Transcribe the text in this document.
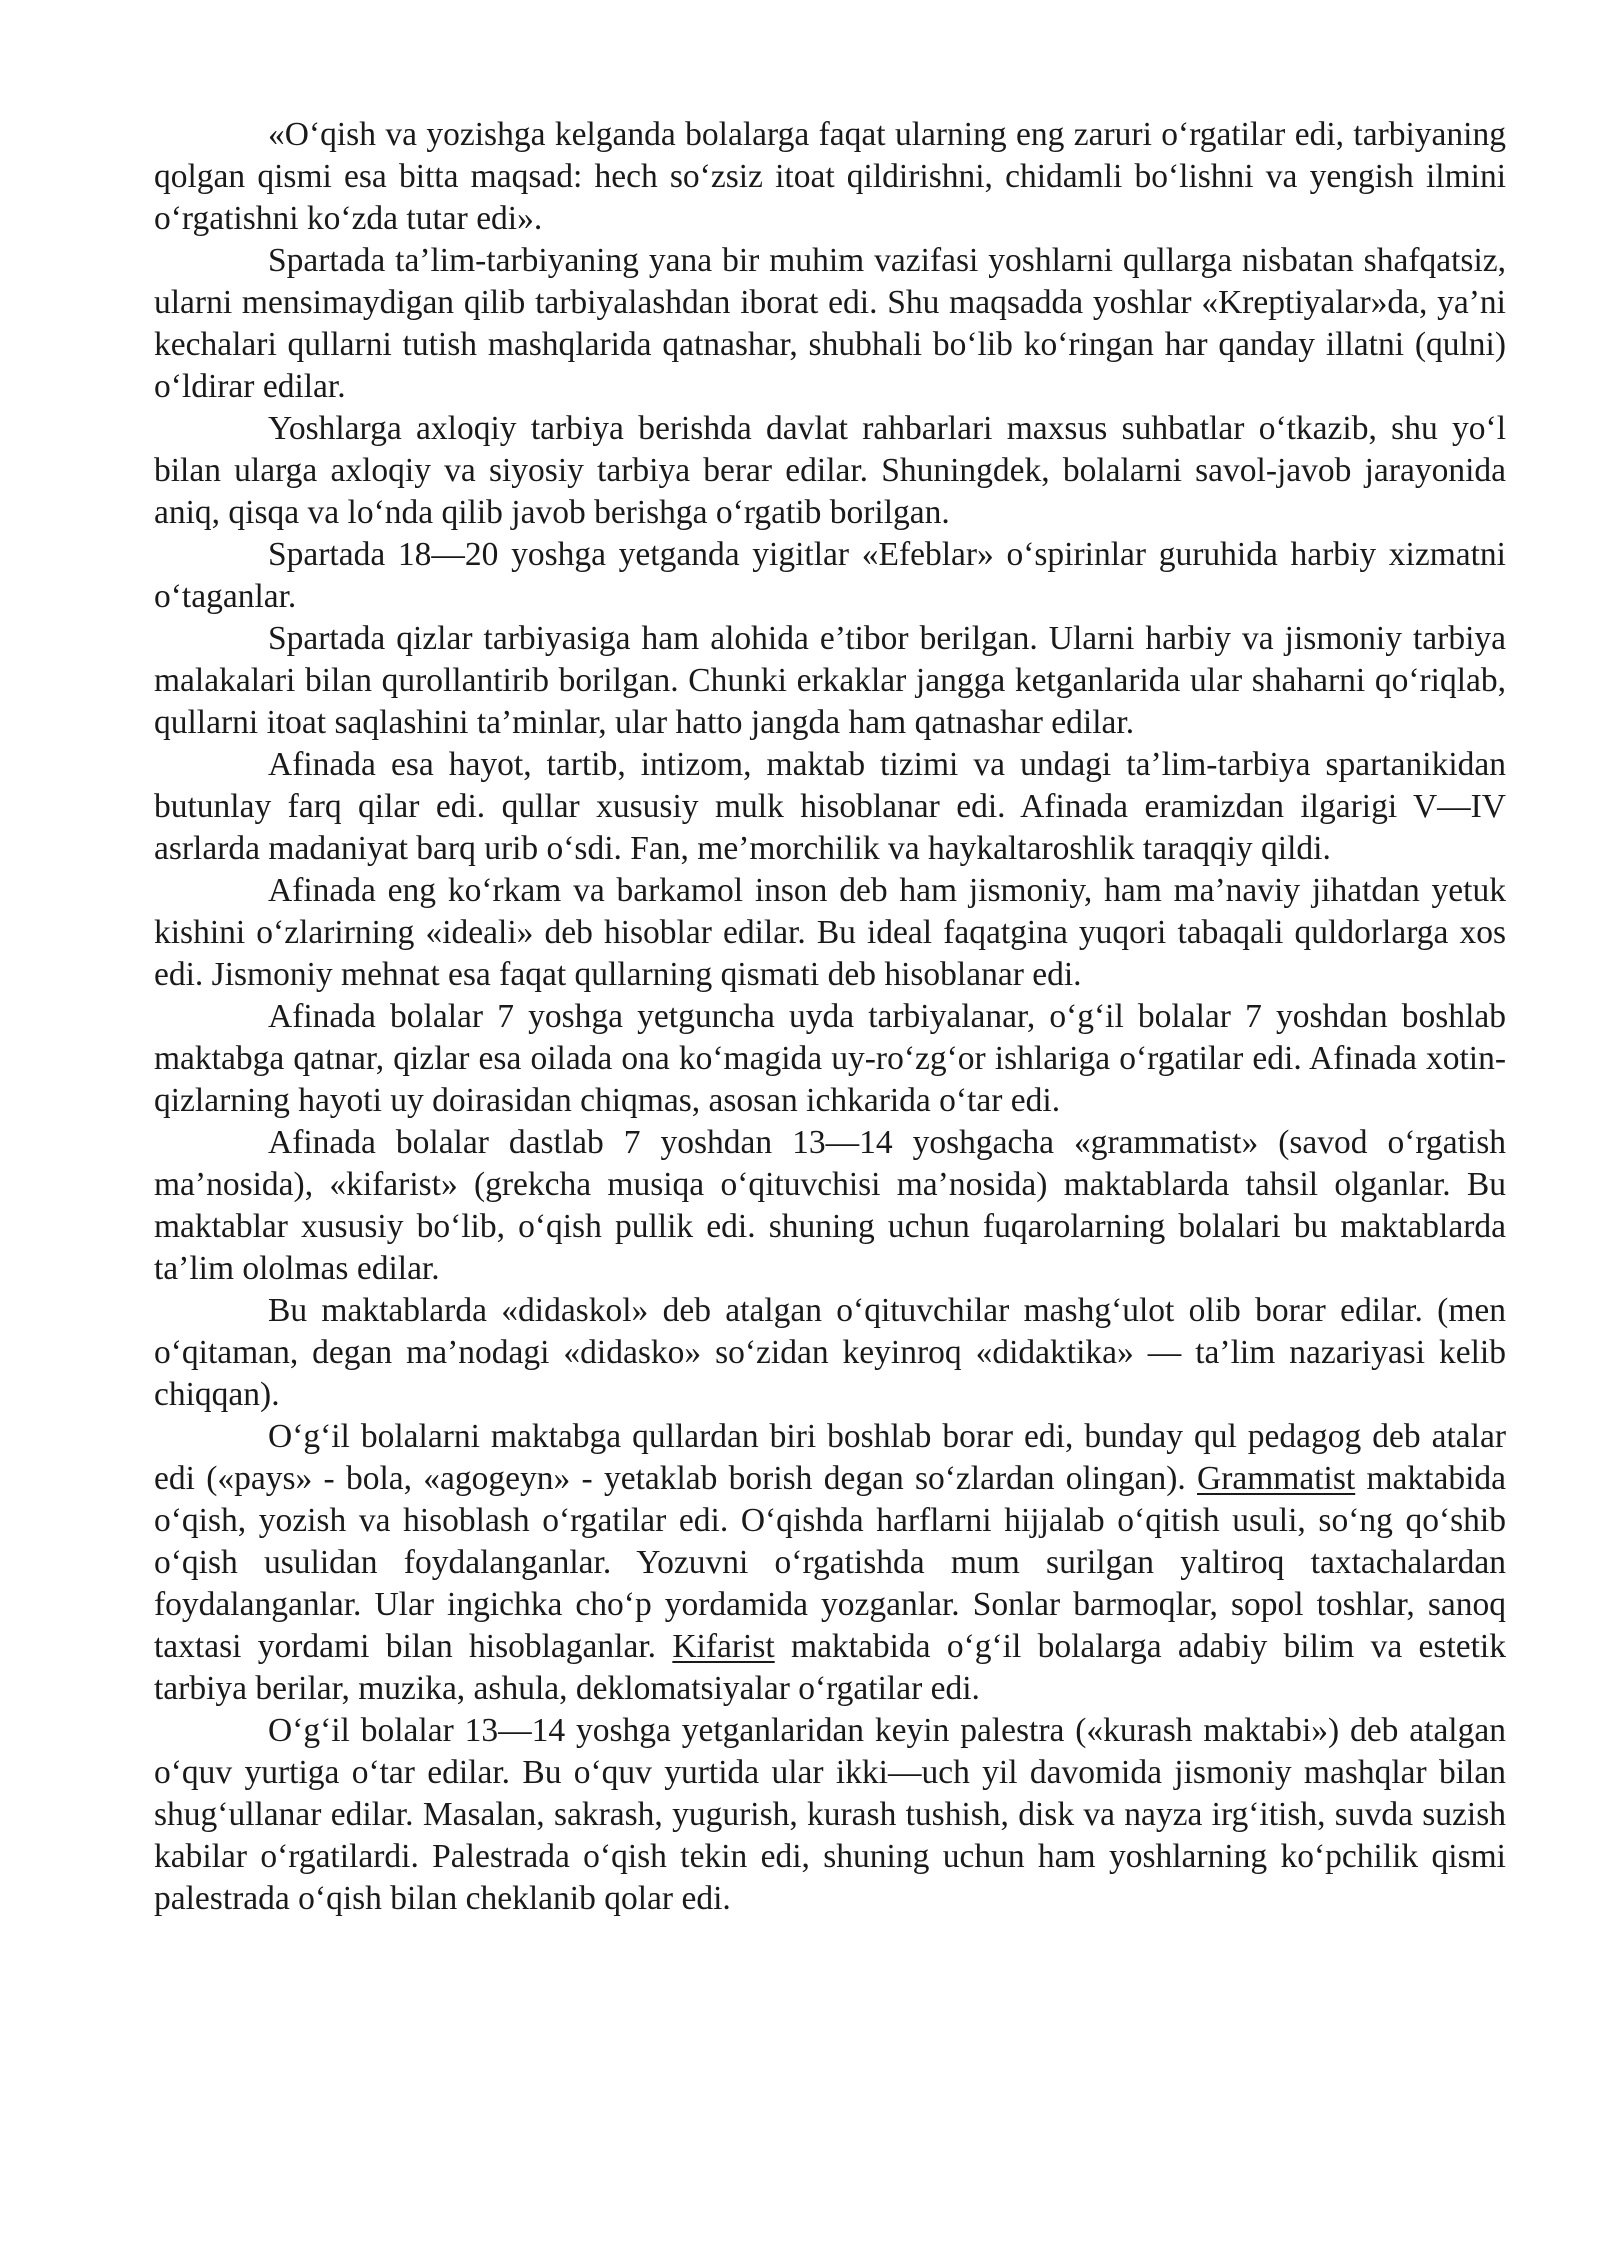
«O‘qish va yozishga kelganda bolalarga faqat ularning eng zaruri o‘rgatilar edi, tarbiyaning qolgan qismi esa bitta maqsad: hech so‘zsiz itoat qildirishni, chidamli bo‘lishni va yengish ilmini o‘rgatishni ko‘zda tutar edi».

Spartada ta’lim-tarbiyaning yana bir muhim vazifasi yoshlarni qullarga nisbatan shafqatsiz, ularni mensimaydigan qilib tarbiyalashdan iborat edi. Shu maqsadda yoshlar «Kreptiyalar»da, ya’ni kechalari qullarni tutish mashqlarida qatnashar, shubhali bo‘lib ko‘ringan har qanday illatni (qulni) o‘ldirar edilar.

Yoshlarga axloqiy tarbiya berishda davlat rahbarlari maxsus suhbatlar o‘tkazib, shu yo‘l bilan ularga axloqiy va siyosiy tarbiya berar edilar. Shuningdek, bolalarni savol-javob jarayonida aniq, qisqa va lo‘nda qilib javob berishga o‘rgatib borilgan.

Spartada 18—20 yoshga yetganda yigitlar «Efeblar» o‘spirinlar guruhida harbiy xizmatni o‘taganlar.

Spartada qizlar tarbiyasiga ham alohida e’tibor berilgan. Ularni harbiy va jismoniy tarbiya malakalari bilan qurollantirib borilgan. Chunki erkaklar jangga ketganlarida ular shaharni qo‘riqlab, qullarni itoat saqlashini ta’minlar, ular hatto jangda ham qatnashar edilar.

Afinada esa hayot, tartib, intizom, maktab tizimi va undagi ta’lim-tarbiya spartanikidan butunlay farq qilar edi. qullar xususiy mulk hisoblanar edi. Afinada eramizdan ilgarigi V—IV asrlarda madaniyat barq urib o‘sdi. Fan, me’morchilik va haykaltaroshlik taraqqiy qildi.

Afinada eng ko‘rkam va barkamol inson deb ham jismoniy, ham ma’naviy jihatdan yetuk kishini o‘zlarirning «ideali» deb hisoblar edilar. Bu ideal faqatgina yuqori tabaqali quldorlarga xos edi. Jismoniy mehnat esa faqat qullarning qismati deb hisoblanar edi.

Afinada bolalar 7 yoshga yetguncha uyda tarbiyalanar, o‘g‘il bolalar 7 yoshdan boshlab maktabga qatnar, qizlar esa oilada ona ko‘magida uy-ro‘zg‘or ishlariga o‘rgatilar edi. Afinada xotin-qizlarning hayoti uy doirasidan chiqmas, asosan ichkarida o‘tar edi.

Afinada bolalar dastlab 7 yoshdan 13—14 yoshgacha «grammatist» (savod o‘rgatish ma’nosida), «kifarist» (grekcha musiqa o‘qituvchisi ma’nosida) maktablarda tahsil olganlar. Bu maktablar xususiy bo‘lib, o‘qish pullik edi. shuning uchun fuqarolarning bolalari bu maktablarda ta’lim ololmas edilar.

Bu maktablarda «didaskol» deb atalgan o‘qituvchilar mashg‘ulot olib borar edilar. (men o‘qitaman, degan ma’nodagi «didasko» so‘zidan keyinroq «didaktika» — ta’lim nazariyasi kelib chiqqan).

O‘g‘il bolalarni maktabga qullardan biri boshlab borar edi, bunday qul pedagog deb atalar edi («pays» - bola, «agogeyn» - yetaklab borish degan so‘zlardan olingan). Grammatist maktabida o‘qish, yozish va hisoblash o‘rgatilar edi. O‘qishda harflarni hijjalab o‘qitish usuli, so‘ng qo‘shib o‘qish usulidan foydalanganlar. Yozuvni o‘rgatishda mum surilgan yaltiroq taxtachalardan foydalanganlar. Ular ingichka cho‘p yordamida yozganlar. Sonlar barmoqlar, sopol toshlar, sanoq taxtasi yordami bilan hisoblaganlar. Kifarist maktabida o‘g‘il bolalarga adabiy bilim va estetik tarbiya berilar, muzika, ashula, deklomatsiyalar o‘rgatilar edi.

O‘g‘il bolalar 13—14 yoshga yetganlaridan keyin palestra («kurash maktabi») deb atalgan o‘quv yurtiga o‘tar edilar. Bu o‘quv yurtida ular ikki—uch yil davomida jismoniy mashqlar bilan shug‘ullanar edilar. Masalan, sakrash, yugurish, kurash tushish, disk va nayza irg‘itish, suvda suzish kabilar o‘rgatilardi. Palestrada o‘qish tekin edi, shuning uchun ham yoshlarning ko‘pchilik qismi palestrada o‘qish bilan cheklanib qolar edi.
